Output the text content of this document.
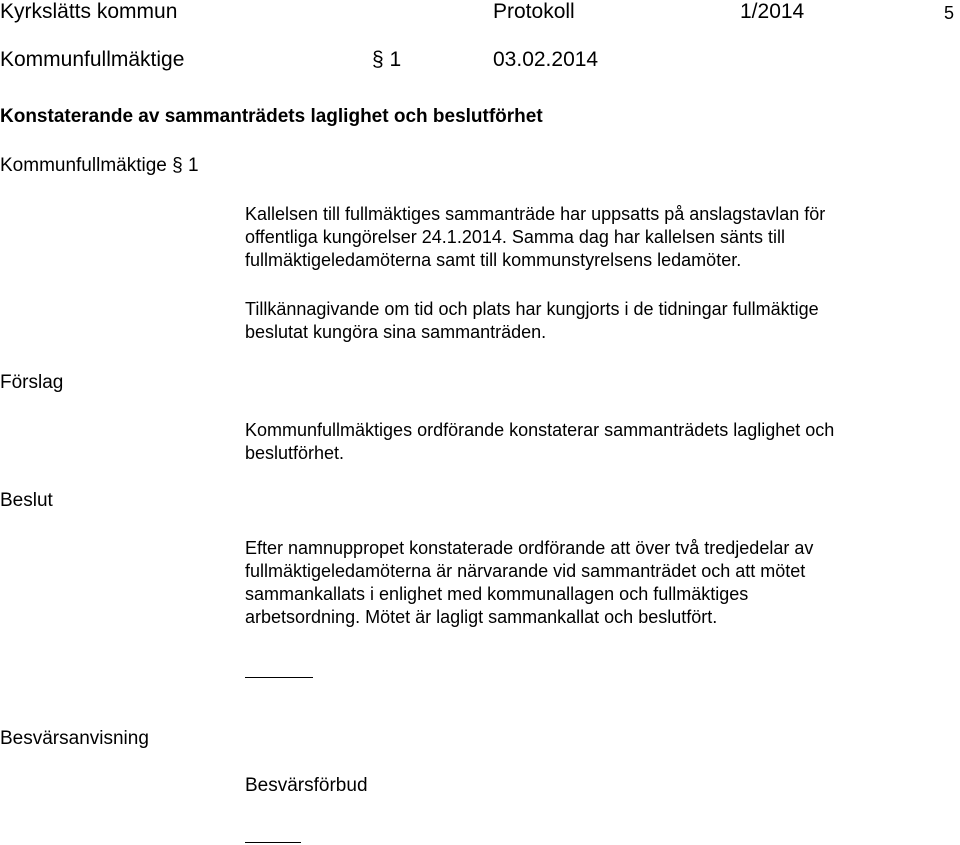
Kyrkslätts kommun	Protokoll	1/2014	5
Kommunfullmäktige	§ 1	03.02.2014
Konstaterande av sammanträdets laglighet och beslutförhet
Kommunfullmäktige § 1
Kallelsen till fullmäktiges sammanträde har uppsatts på anslagstavlan för
offentliga kungörelser 24.1.2014. Samma dag har kallelsen sänts till
fullmäktigeledamöterna samt till kommunstyrelsens ledamöter.
Tillkännagivande om tid och plats har kungjorts i de tidningar fullmäktige
beslutat kungöra sina sammanträden.
Förslag
Kommunfullmäktiges ordförande konstaterar sammanträdets laglighet och
beslutförhet.
Beslut
Efter namnuppropet konstaterade ordförande att över två tredjedelar av
fullmäktigeledamöterna är närvarande vid sammanträdet och att mötet
sammankallats i enlighet med kommunallagen och fullmäktiges
arbetsordning. Mötet är lagligt sammankallat och beslutfört.
Besvärsanvisning
Besvärsförbud
